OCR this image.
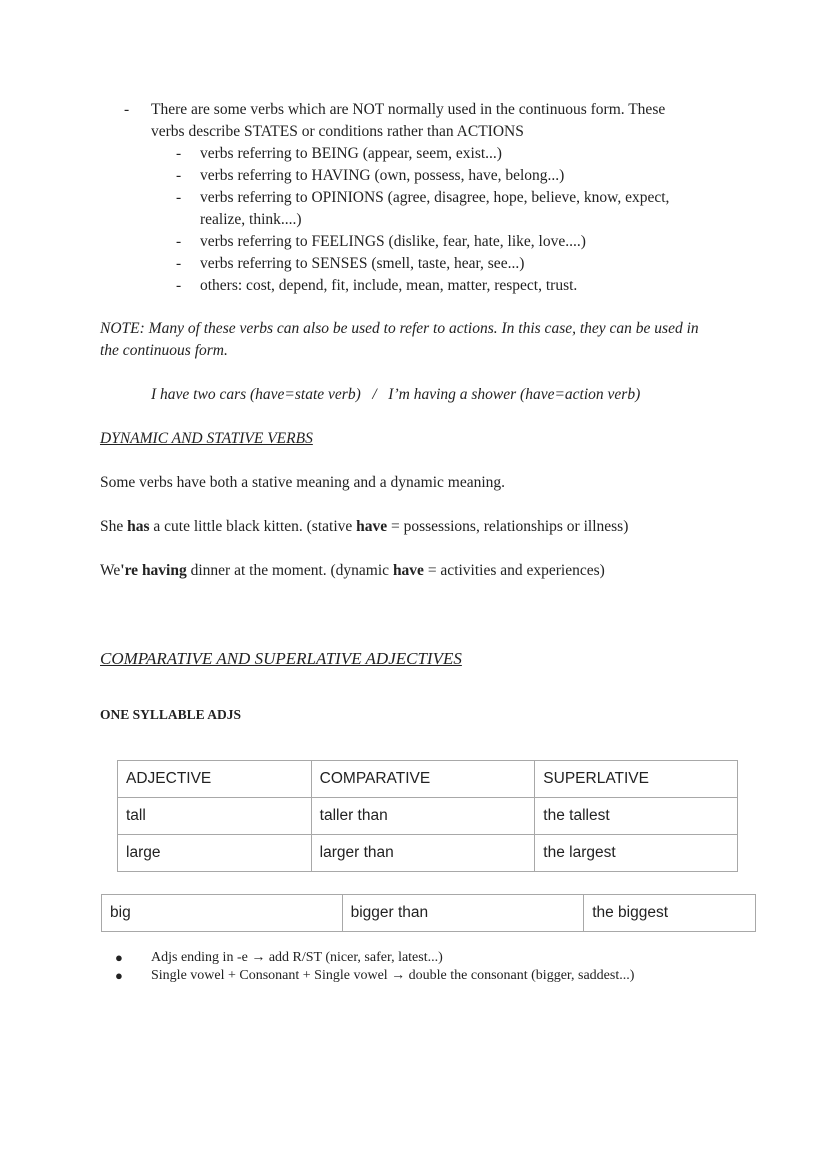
- There are some verbs which are NOT normally used in the continuous form. These
verbs describe STATES or conditions rather than ACTIONS
- verbs referring to BEING (appear, seem, exist...)
- verbs referring to HAVING (own, possess, have, belong...)
- verbs referring to OPINIONS (agree, disagree, hope, believe, know, expect,
realize, think....)
- verbs referring to FEELINGS (dislike, fear, hate, like, love....)
- verbs referring to SENSES (smell, taste, hear, see...)
- others: cost, depend, fit, include, mean, matter, respect, trust.
NOTE: Many of these verbs can also be used to refer to actions. In this case, they can be used in
the continuous form.
I have two cars (have=state verb)   /   I’m having a shower (have=action verb)
DYNAMIC AND STATIVE VERBS
Some verbs have both a stative meaning and a dynamic meaning.
She has a cute little black kitten. (stative have = possessions, relationships or illness)
We're having dinner at the moment. (dynamic have = activities and experiences)
COMPARATIVE AND SUPERLATIVE ADJECTIVES
ONE SYLLABLE ADJS
ADJECTIVE	COMPARATIVE	SUPERLATIVE
tall	taller than	the tallest
large	larger than	the largest
big	bigger than	the biggest
● Adjs ending in -e → add R/ST (nicer, safer, latest...)
● Single vowel + Consonant + Single vowel → double the consonant (bigger, saddest...)
